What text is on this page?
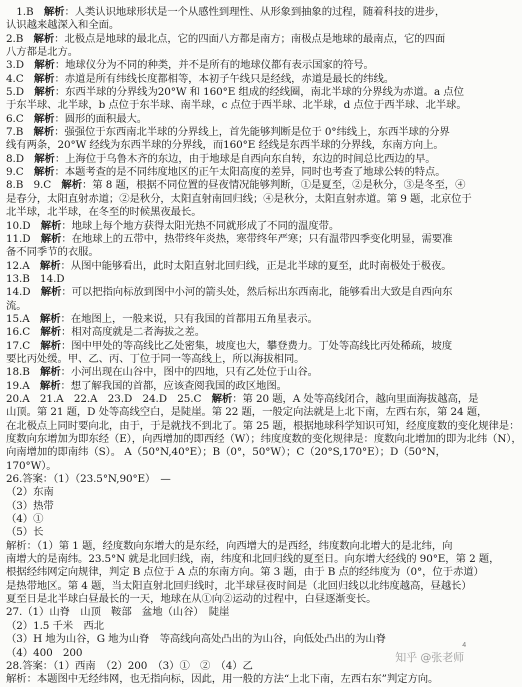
　1.B　解析：人类认识地球形状是一个从感性到理性、从形象到抽象的过程，随着科技的进步，
认识越来越深入和全面。
2.B　解析：北极点是地球的最北点，它的四面八方都是南方；南极点是地球的最南点，它的四面
八方都是北方。
3.D　解析：地球仪分为不同的种类，并不是所有的地球仪都有表示国家的符号。
4.C　解析：赤道是所有纬线长度都相等，本初子午线只是经线，赤道是最长的纬线。
5.D　解析：东西半球的分界线为20°W 和 160°E 组成的经线圈，南北半球的分界线为赤道。a 点位
于东半球、北半球，b 点位于东半球、南半球，c 点位于西半球、北半球，d 点位于西半球、北半球。
6.C　解析：圆形的面积最大。
7.B　解析：强强位于东西南北半球的分界线上，首先能够判断是位于 0°纬线上，东西半球的分界
线有两条，20°W 经线为东西半球的分界线，而160°E 经线是东西半球的分界线，东南方向上。
8.D　解析：上海位于乌鲁木齐的东边，由于地球是自西向东自转，东边的时间总比西边的早。
9.C　解析：本题考查的是不同纬度地区的正午太阳高度的差异，同时也考查了地球公转的特点。
8.B　9.C　解析：第 8 题，根据不同位置的昼夜情况能够判断，①是夏至，②是秋分，③是冬至，④
是春分，太阳直射赤道；②是秋分，太阳直射南回归线；④是秋分，太阳直射赤道。第 9 题，北京位于
北半球，北半球，在冬至的时候黑夜最长。
10.D　解析：地球上每个地方获得太阳光热不同就形成了不同的温度带。
11.D　解析：在地球上的五带中，热带终年炎热，寒带终年严寒；只有温带四季变化明显，需要准
备不同季节的衣服。
12.A　解析：从图中能够看出，此时太阳直射北回归线，正是北半球的夏至，此时南极处于极夜。
13.B　14.D
14.D　解析：可以把指向标放到图中小河的箭头处，然后标出东西南北，能够看出大致是自西向东
流。
15.A　解析：在地图上，一般来说，只有我国的首都用五角星表示。
16.C　解析：相对高度就是二者海拔之差。
17.C　解析：图中甲处的等高线比乙处密集，坡度也大，攀登费力。丁处等高线比丙处稀疏，坡度
要比丙处缓。甲、乙、丙、丁位于同一等高线上，所以海拔相同。
18.B　解析：小河出现在山谷中，图中的四地，只有乙处位于山谷。
19.A　解析：想了解我国的首都，应该查阅我国的政区地图。
20.A　21.A　22.A　23.D　24.D　25.C　解析：第 20 题，A 处等高线闭合，越向里面海拔越高，是
山顶。第 21 题，D 处等高线空白，是陡崖。第 22 题，一般定向法就是上北下南，左西右东，第 24 题，
在北极点上同时要向北，由于，于是就找不到北了。第 25 题，根据地球科学知识可知，经度度数的变化规律是：
度数向东增加为即东经（E），向西增加的即西经（W）；纬度度数的变化规律是：度数向北增加的即为北纬（N），
向南增加的即南纬（S）。 A（50°N,40°E）；B（0°，50°W）；C（20°S,170°E）；D（50°N，
170°W）。
26.答案：（1）（23.5°N,90°E）　—
（2）东南
（3）热带
（4）①
（5）长
解析：（1）第 1 题，经度数向东增大的是东经，向西增大的是西经，纬度数向北增大的是北纬，向
南增大的是南纬。23.5°N 就是北回归线，南，纬度和北回归线的夏至日。向东增大经线的 90°E，第 2 题，
根据经纬网定向规律，判定 B 点位于 A 点的东南方向。第 3 题，由于 B 点的经纬度为（0°，位于赤道）
是热带地区。第 4 题，当太阳直射北回归线时，北半球昼夜时间是（北回归线以北纬度越高，昼越长）
夏至日是北半球白昼最长的一天，地球在从①向②运动的过程中，白昼逐渐变长。
27.（1）山脊　山顶　鞍部　盆地（山谷）　陡崖
（2）1.5 千米　西北
（3）H 地为山谷，G 地为山脊　等高线向高处凸出的为山谷，向低处凸出的为山脊
（4）400　200
28.答案：（1）西南　（2）200　（3）①　②　（4）乙
解析：本题图中无经纬网，也无指向标，因此，用一般的方法“上北下南，左西右东”判定方向。
4
知乎 @张老师
